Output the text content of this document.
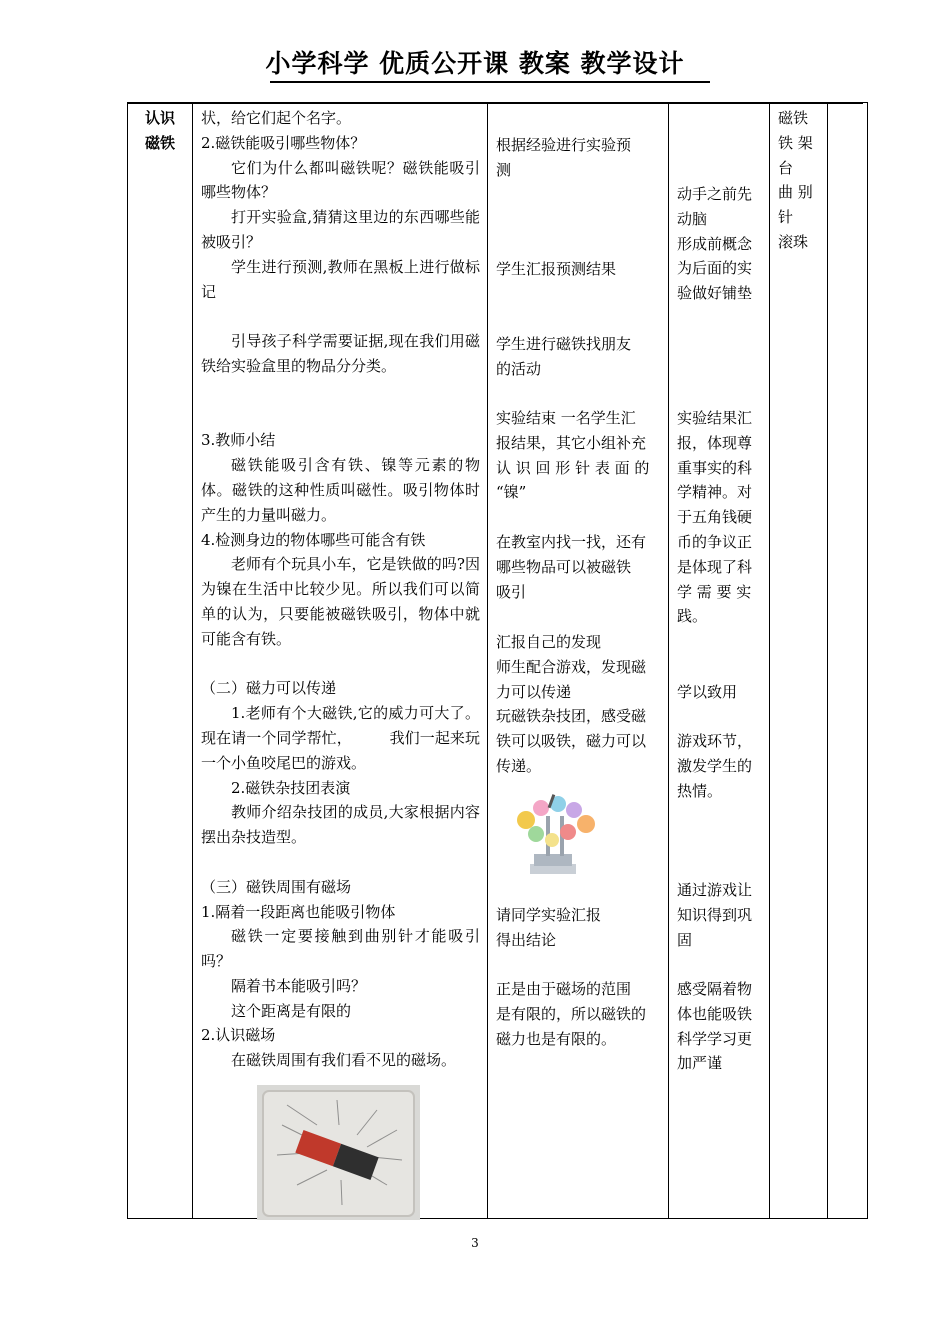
小学科学 优质公开课 教案 教学设计
认识
磁铁

状，给它们起个名字。

2.磁铁能吸引哪些物体？

它们为什么都叫磁铁呢？磁铁能吸引哪些物体？

打开实验盒,猜猜这里边的东西哪些能被吸引？

学生进行预测,教师在黑板上进行做标记

引导孩子科学需要证据,现在我们用磁铁给实验盒里的物品分分类。

3.教师小结

磁铁能吸引含有铁、镍等元素的物体。磁铁的这种性质叫磁性。吸引物体时产生的力量叫磁力。

4.检测身边的物体哪些可能含有铁

老师有个玩具小车，它是铁做的吗?因为镍在生活中比较少见。所以我们可以简单的认为，只要能被磁铁吸引，物体中就可能含有铁。

（二）磁力可以传递

1.老师有个大磁铁,它的威力可大了。现在请一个同学帮忙，　　　我们一起来玩一个小鱼咬尾巴的游戏。

2.磁铁杂技团表演

教师介绍杂技团的成员,大家根据内容摆出杂技造型。

（三）磁铁周围有磁场

1.隔着一段距离也能吸引物体

磁铁一定要接触到曲别针才能吸引吗？

隔着书本能吸引吗？

这个距离是有限的

2.认识磁场

在磁铁周围有我们看不见的磁场。

根据经验进行实验预
测
学生汇报预测结果
学生进行磁铁找朋友
的活动
实验结束 一名学生汇
报结果，其它小组补充
认 识 回 形 针 表 面 的
“镍”
在教室内找一找，还有
哪些物品可以被磁铁
吸引
汇报自己的发现
师生配合游戏，发现磁
力可以传递
玩磁铁杂技团，感受磁
铁可以吸铁，磁力可以
传递。
请同学实验汇报
得出结论
正是由于磁场的范围
是有限的，所以磁铁的
磁力也是有限的。
动手之前先
动脑
形成前概念
为后面的实
验做好铺垫
实验结果汇
报，体现尊
重事实的科
学精神。对
于五角钱硬
币的争议正
是体现了科
学 需 要 实
践。
学以致用
游戏环节，
激发学生的
热情。
通过游戏让
知识得到巩
固
感受隔着物
体也能吸铁
科学学习更
加严谨
磁铁
铁 架
台
曲 别
针
滚珠
3
